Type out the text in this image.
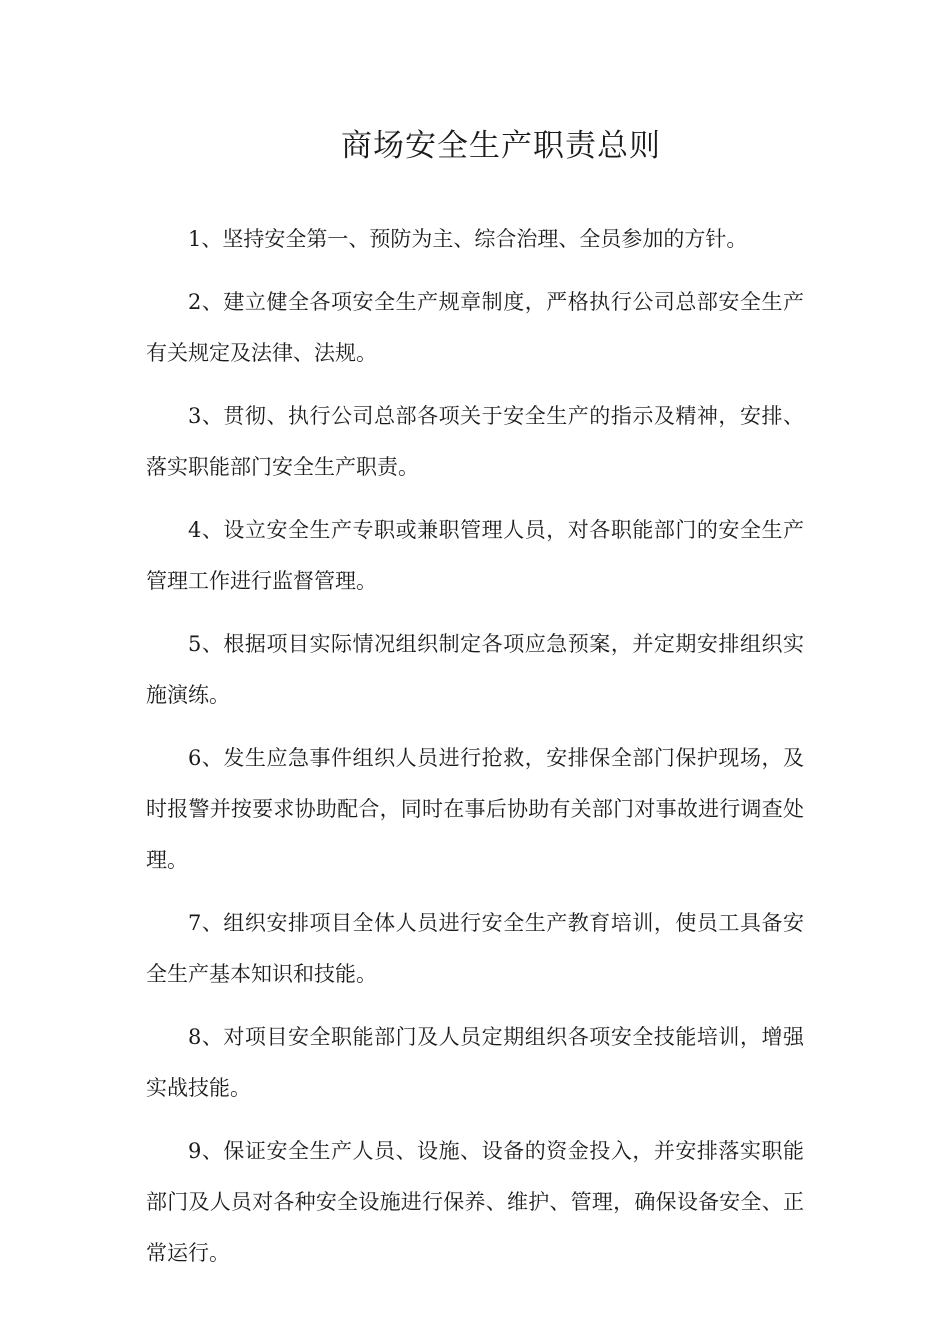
商场安全生产职责总则

1、坚持安全第一、预防为主、综合治理、全员参加的方针。

2、建立健全各项安全生产规章制度，严格执行公司总部安全生产有关规定及法律、法规。

3、贯彻、执行公司总部各项关于安全生产的指示及精神，安排、落实职能部门安全生产职责。

4、设立安全生产专职或兼职管理人员，对各职能部门的安全生产管理工作进行监督管理。

5、根据项目实际情况组织制定各项应急预案，并定期安排组织实施演练。

6、发生应急事件组织人员进行抢救，安排保全部门保护现场，及时报警并按要求协助配合，同时在事后协助有关部门对事故进行调查处理。

7、组织安排项目全体人员进行安全生产教育培训，使员工具备安全生产基本知识和技能。

8、对项目安全职能部门及人员定期组织各项安全技能培训，增强实战技能。

9、保证安全生产人员、设施、设备的资金投入，并安排落实职能部门及人员对各种安全设施进行保养、维护、管理，确保设备安全、正常运行。
